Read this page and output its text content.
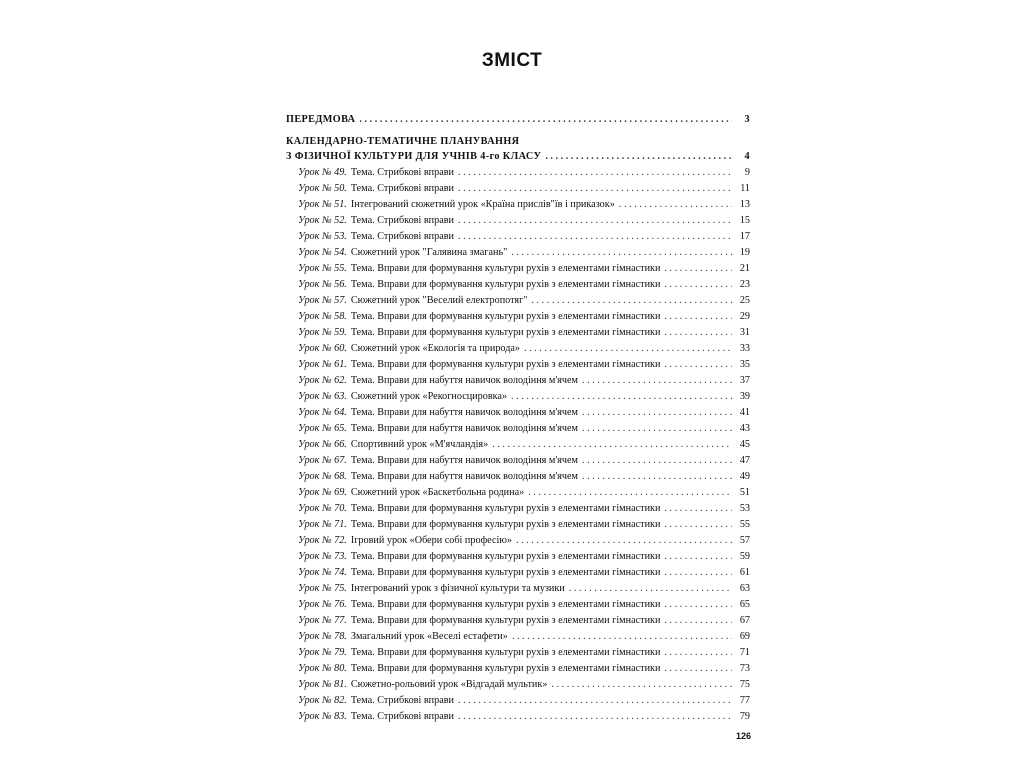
ЗМІСТ
ПЕРЕДМОВА . . .	3
КАЛЕНДАРНО-ТЕМАТИЧНЕ ПЛАНУВАННЯ
З ФІЗИЧНОЇ КУЛЬТУРИ ДЛЯ УЧНІВ 4-го КЛАСУ . . .	4
Урок № 49. Тема. Стрибкові вправи . . .	9
Урок № 50. Тема. Стрибкові вправи . . .	11
Урок № 51. Інтегрований сюжетний урок «Країна прислів"їв і приказок» . . .	13
Урок № 52. Тема. Стрибкові вправи . . .	15
Урок № 53. Тема. Стрибкові вправи . . .	17
Урок № 54. Сюжетний урок "Галявина змагань" . . .	19
Урок № 55. Тема. Вправи для формування культури рухів з елементами гімнастики . . .	21
Урок № 56. Тема. Вправи для формування культури рухів з елементами гімнастики . . .	23
Урок № 57. Сюжетний урок "Веселий електропотяг" . . .	25
Урок № 58. Тема. Вправи для формування культури рухів з елементами гімнастики . . .	29
Урок № 59. Тема. Вправи для формування культури рухів з елементами гімнастики . . .	31
Урок № 60. Сюжетний урок «Екологія та природа» . . .	33
Урок № 61. Тема. Вправи для формування культури рухів з елементами гімнастики . . .	35
Урок № 62. Тема. Вправи для набуття навичок володіння м'ячем . . .	37
Урок № 63. Сюжетний урок «Рекогносцировка» . . .	39
Урок № 64. Тема. Вправи для набуття навичок володіння м'ячем . . .	41
Урок № 65. Тема. Вправи для набуття навичок володіння м'ячем . . .	43
Урок № 66. Спортивний урок «М'ячландія» . . .	45
Урок № 67. Тема. Вправи для набуття навичок володіння м'ячем . . .	47
Урок № 68. Тема. Вправи для набуття навичок володіння м'ячем . . .	49
Урок № 69. Сюжетний урок «Баскетбольна родина» . . .	51
Урок № 70. Тема. Вправи для формування культури рухів з елементами гімнастики . . .	53
Урок № 71. Тема. Вправи для формування культури рухів з елементами гімнастики . . .	55
Урок № 72. Ігровий урок «Обери собі професію» . . .	57
Урок № 73. Тема. Вправи для формування культури рухів з елементами гімнастики . . .	59
Урок № 74. Тема. Вправи для формування культури рухів з елементами гімнастики . . .	61
Урок № 75. Інтегрований урок з фізичної культури та музики . . .	63
Урок № 76. Тема. Вправи для формування культури рухів з елементами гімнастики . . .	65
Урок № 77. Тема. Вправи для формування культури рухів з елементами гімнастики . . .	67
Урок № 78. Змагальний урок «Веселі естафети» . . .	69
Урок № 79. Тема. Вправи для формування культури рухів з елементами гімнастики . . .	71
Урок № 80. Тема. Вправи для формування культури рухів з елементами гімнастики . . .	73
Урок № 81. Сюжетно-рольовий урок «Відгадай мультик» . . .	75
Урок № 82. Тема. Стрибкові вправи . . .	77
Урок № 83. Тема. Стрибкові вправи . . .	79
126
